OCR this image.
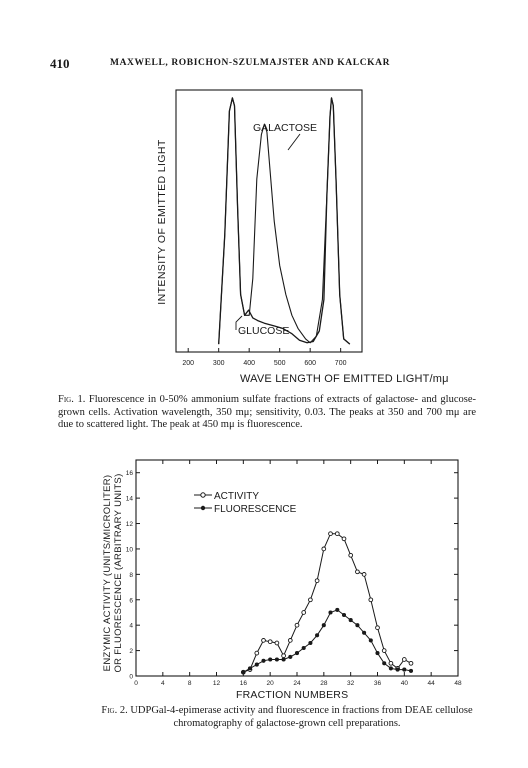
410	MAXWELL, ROBICHON-SZULMAJSTER AND KALCKAR
200	300	400	500	600	700
INTENSITY OF EMITTED LIGHT
WAVE LENGTH OF EMITTED LIGHT/mμ
GALACTOSE
GLUCOSE
Fig. 1. Fluorescence in 0-50% ammonium sulfate fractions of extracts of galactose- and glucose-grown cells. Activation wavelength, 350 mμ; sensitivity, 0.03. The peaks at 350 and 700 mμ are due to scattered light. The peak at 450 mμ is fluorescence.
0	4	8	12	16	20	24	28	32	36	40	44	48
0
2
4
6
8
10
12
14
16
ENZYMIC ACTIVITY (UNITS/MICROLITER)OR FLUORESCENCE (ARBITRARY UNITS)
FRACTION NUMBERS
ACTIVITY
FLUORESCENCE
Fig. 2. UDPGal-4-epimerase activity and fluorescence in fractions from DEAE cellulose chromatography of galactose-grown cell preparations.
